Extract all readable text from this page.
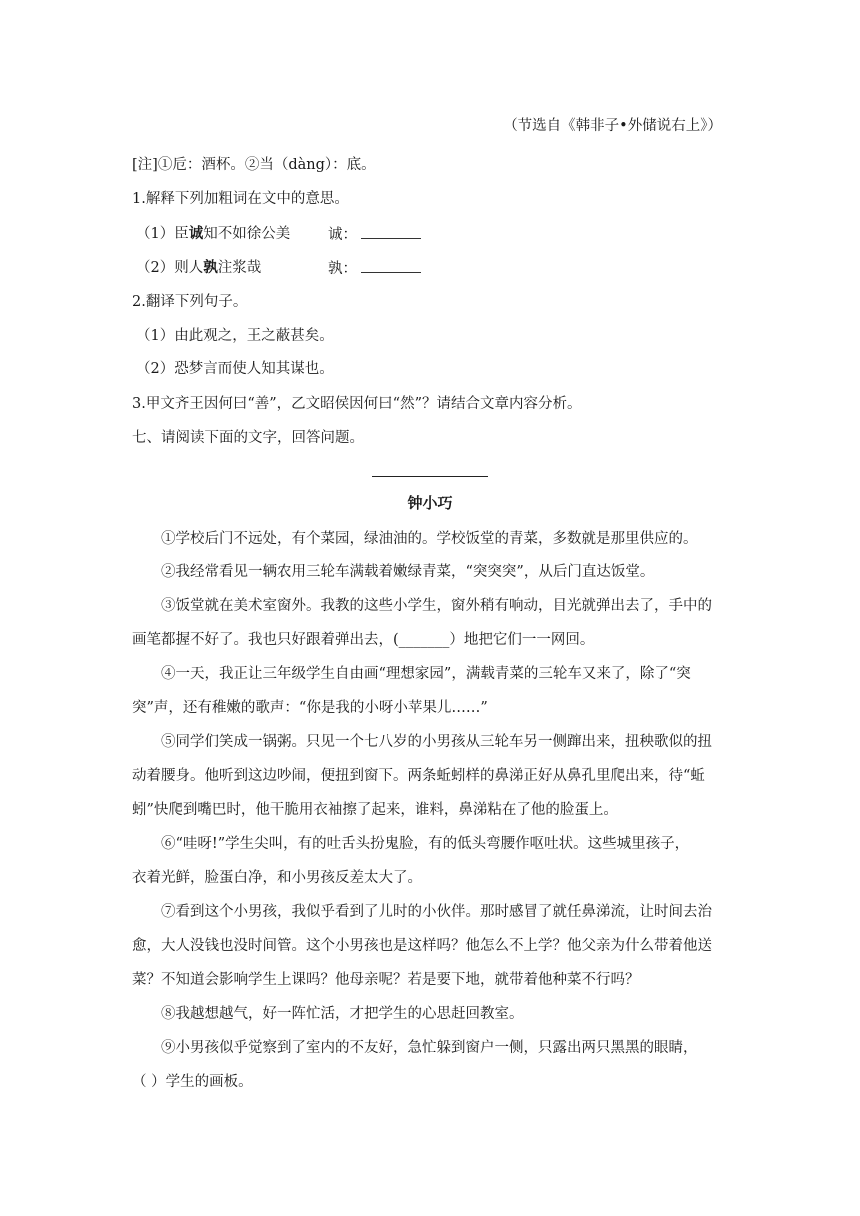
（节选自《韩非子•外储说右上》）
[注]①卮：酒杯。②当（dàng）：底。
1.解释下列加粗词在文中的意思。
（1）臣诚知不如徐公美	诚：
（2）则人孰注浆哉	孰：
2.翻译下列句子。
（1）由此观之，王之蔽甚矣。
（2）恐梦言而使人知其谋也。
3.甲文齐王因何曰“善”，乙文昭侯因何曰“然”？请结合文章内容分析。
七、请阅读下面的文字，回答问题。
钟小巧
①学校后门不远处，有个菜园，绿油油的。学校饭堂的青菜，多数就是那里供应的。
②我经常看见一辆农用三轮车满载着嫩绿青菜，“突突突”，从后门直达饭堂。
③饭堂就在美术室窗外。我教的这些小学生，窗外稍有响动，目光就弹出去了，手中的
画笔都握不好了。我也只好跟着弹出去，(_______）地把它们一一网回。
④一天，我正让三年级学生自由画“理想家园”，满载青菜的三轮车又来了，除了“突
突”声，还有稚嫩的歌声：“你是我的小呀小苹果儿……”
⑤同学们笑成一锅粥。只见一个七八岁的小男孩从三轮车另一侧蹿出来，扭秧歌似的扭
动着腰身。他听到这边吵闹，便扭到窗下。两条蚯蚓样的鼻涕正好从鼻孔里爬出来，待“蚯
蚓”快爬到嘴巴时，他干脆用衣袖擦了起来，谁料，鼻涕粘在了他的脸蛋上。
⑥“哇呀!”学生尖叫，有的吐舌头扮鬼脸，有的低头弯腰作呕吐状。这些城里孩子，
衣着光鲜，脸蛋白净，和小男孩反差太大了。
⑦看到这个小男孩，我似乎看到了儿时的小伙伴。那时感冒了就任鼻涕流，让时间去治
愈，大人没钱也没时间管。这个小男孩也是这样吗？他怎么不上学？他父亲为什么带着他送
菜？不知道会影响学生上课吗？他母亲呢？若是要下地，就带着他种菜不行吗？
⑧我越想越气，好一阵忙活，才把学生的心思赶回教室。
⑨小男孩似乎觉察到了室内的不友好，急忙躲到窗户一侧，只露出两只黑黑的眼睛，
（ ）学生的画板。
